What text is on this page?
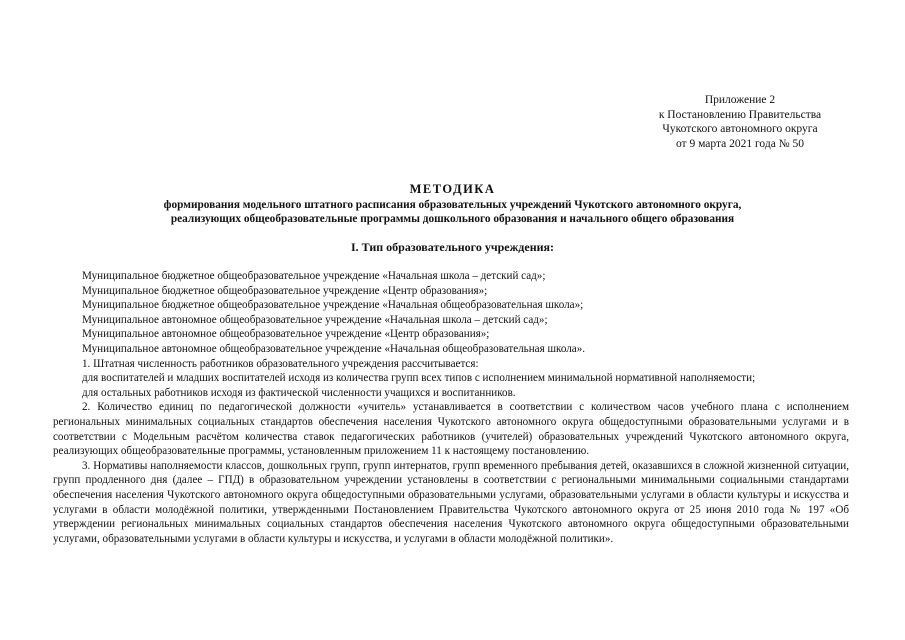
Приложение 2
к Постановлению Правительства
Чукотского автономного округа
от 9 марта 2021 года № 50
МЕТОДИКА
формирования модельного штатного расписания образовательных учреждений Чукотского автономного округа,
реализующих общеобразовательные программы дошкольного образования и начального общего образования
I. Тип образовательного учреждения:

Муниципальное бюджетное общеобразовательное учреждение «Начальная школа – детский сад»;

Муниципальное бюджетное общеобразовательное учреждение «Центр образования»;

Муниципальное бюджетное общеобразовательное учреждение «Начальная общеобразовательная школа»;

Муниципальное автономное общеобразовательное учреждение «Начальная школа – детский сад»;

Муниципальное автономное общеобразовательное учреждение «Центр образования»;

Муниципальное автономное общеобразовательное учреждение «Начальная общеобразовательная школа».

1. Штатная численность работников образовательного учреждения рассчитывается:

для воспитателей и младших воспитателей исходя из количества групп всех типов с исполнением минимальной нормативной наполняемости;

для остальных работников исходя из фактической численности учащихся и воспитанников.

2. Количество единиц по педагогической должности «учитель» устанавливается в соответствии с количеством часов учебного плана с исполнением региональных минимальных социальных стандартов обеспечения населения Чукотского автономного округа общедоступными образовательными услугами и в соответствии с Модельным расчётом количества ставок педагогических работников (учителей) образовательных учреждений Чукотского автономного округа, реализующих общеобразовательные программы, установленным приложением 11 к настоящему постановлению.

3. Нормативы наполняемости классов, дошкольных групп, групп интернатов, групп временного пребывания детей, оказавшихся в сложной жизненной ситуации, групп продленного дня (далее – ГПД) в образовательном учреждении установлены в соответствии с региональными минимальными социальными стандартами обеспечения населения Чукотского автономного округа общедоступными образовательными услугами, образовательными услугами в области культуры и искусства и услугами в области молодёжной политики, утвержденными Постановлением Правительства Чукотского автономного округа от 25 июня 2010 года № 197 «Об утверждении региональных минимальных социальных стандартов обеспечения населения Чукотского автономного округа общедоступными образовательными услугами, образовательными услугами в области культуры и искусства, и услугами в области молодёжной политики».
